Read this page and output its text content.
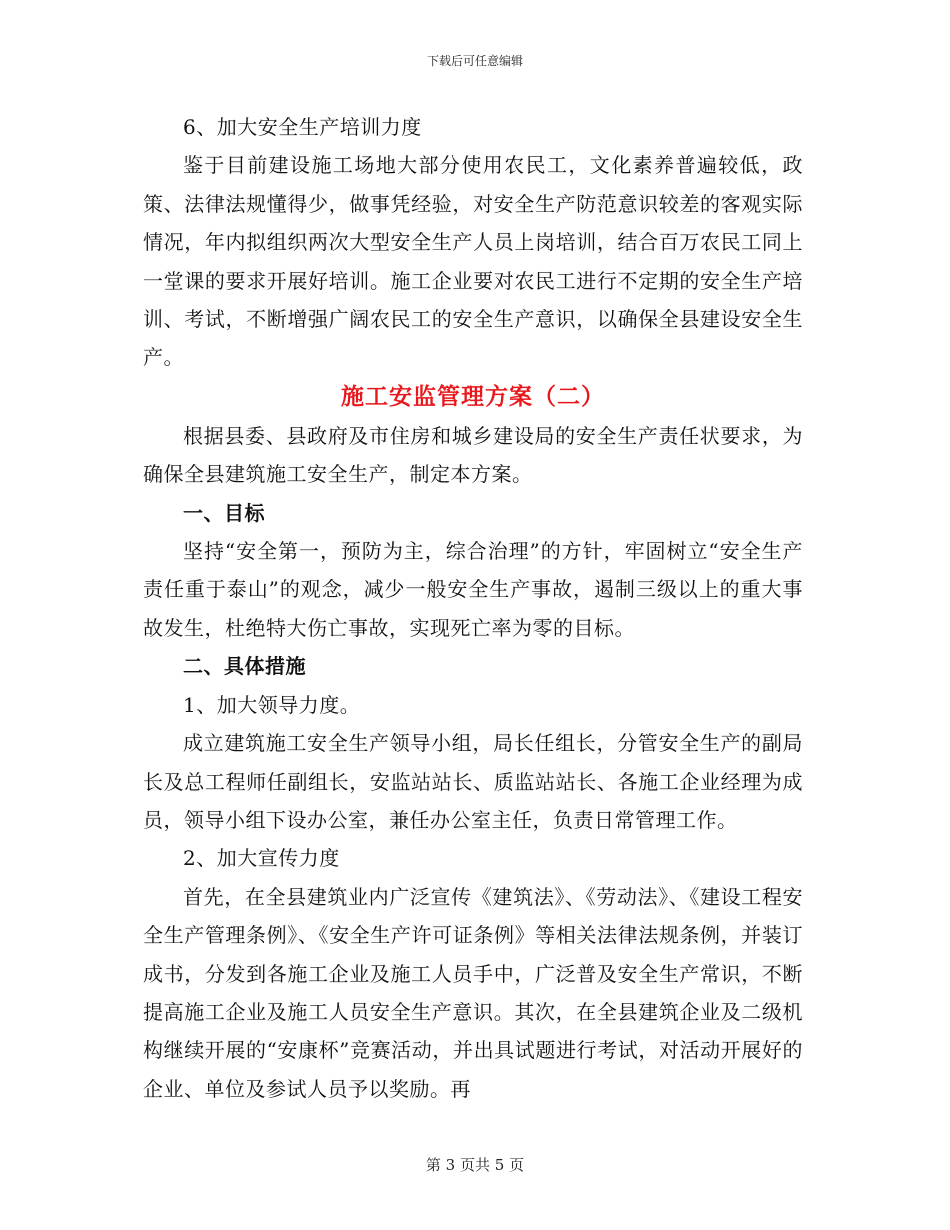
下载后可任意编辑

6、加大安全生产培训力度

鉴于目前建设施工场地大部分使用农民工，文化素养普遍较低，政策、法律法规懂得少，做事凭经验，对安全生产防范意识较差的客观实际情况，年内拟组织两次大型安全生产人员上岗培训，结合百万农民工同上一堂课的要求开展好培训。施工企业要对农民工进行不定期的安全生产培训、考试，不断增强广阔农民工的安全生产意识，以确保全县建设安全生产。

施工安监管理方案（二）

根据县委、县政府及市住房和城乡建设局的安全生产责任状要求，为确保全县建筑施工安全生产，制定本方案。

一、目标

坚持“安全第一，预防为主，综合治理”的方针，牢固树立“安全生产责任重于泰山”的观念，减少一般安全生产事故，遏制三级以上的重大事故发生，杜绝特大伤亡事故，实现死亡率为零的目标。

二、具体措施

1、加大领导力度。

成立建筑施工安全生产领导小组，局长任组长，分管安全生产的副局长及总工程师任副组长，安监站站长、质监站站长、各施工企业经理为成员，领导小组下设办公室，兼任办公室主任，负责日常管理工作。

2、加大宣传力度

首先，在全县建筑业内广泛宣传《建筑法》、《劳动法》、《建设工程安全生产管理条例》、《安全生产许可证条例》等相关法律法规条例，并装订成书，分发到各施工企业及施工人员手中，广泛普及安全生产常识，不断提高施工企业及施工人员安全生产意识。其次，在全县建筑企业及二级机构继续开展的“安康杯”竞赛活动，并出具试题进行考试，对活动开展好的企业、单位及参试人员予以奖励。再

第 3 页共 5 页
